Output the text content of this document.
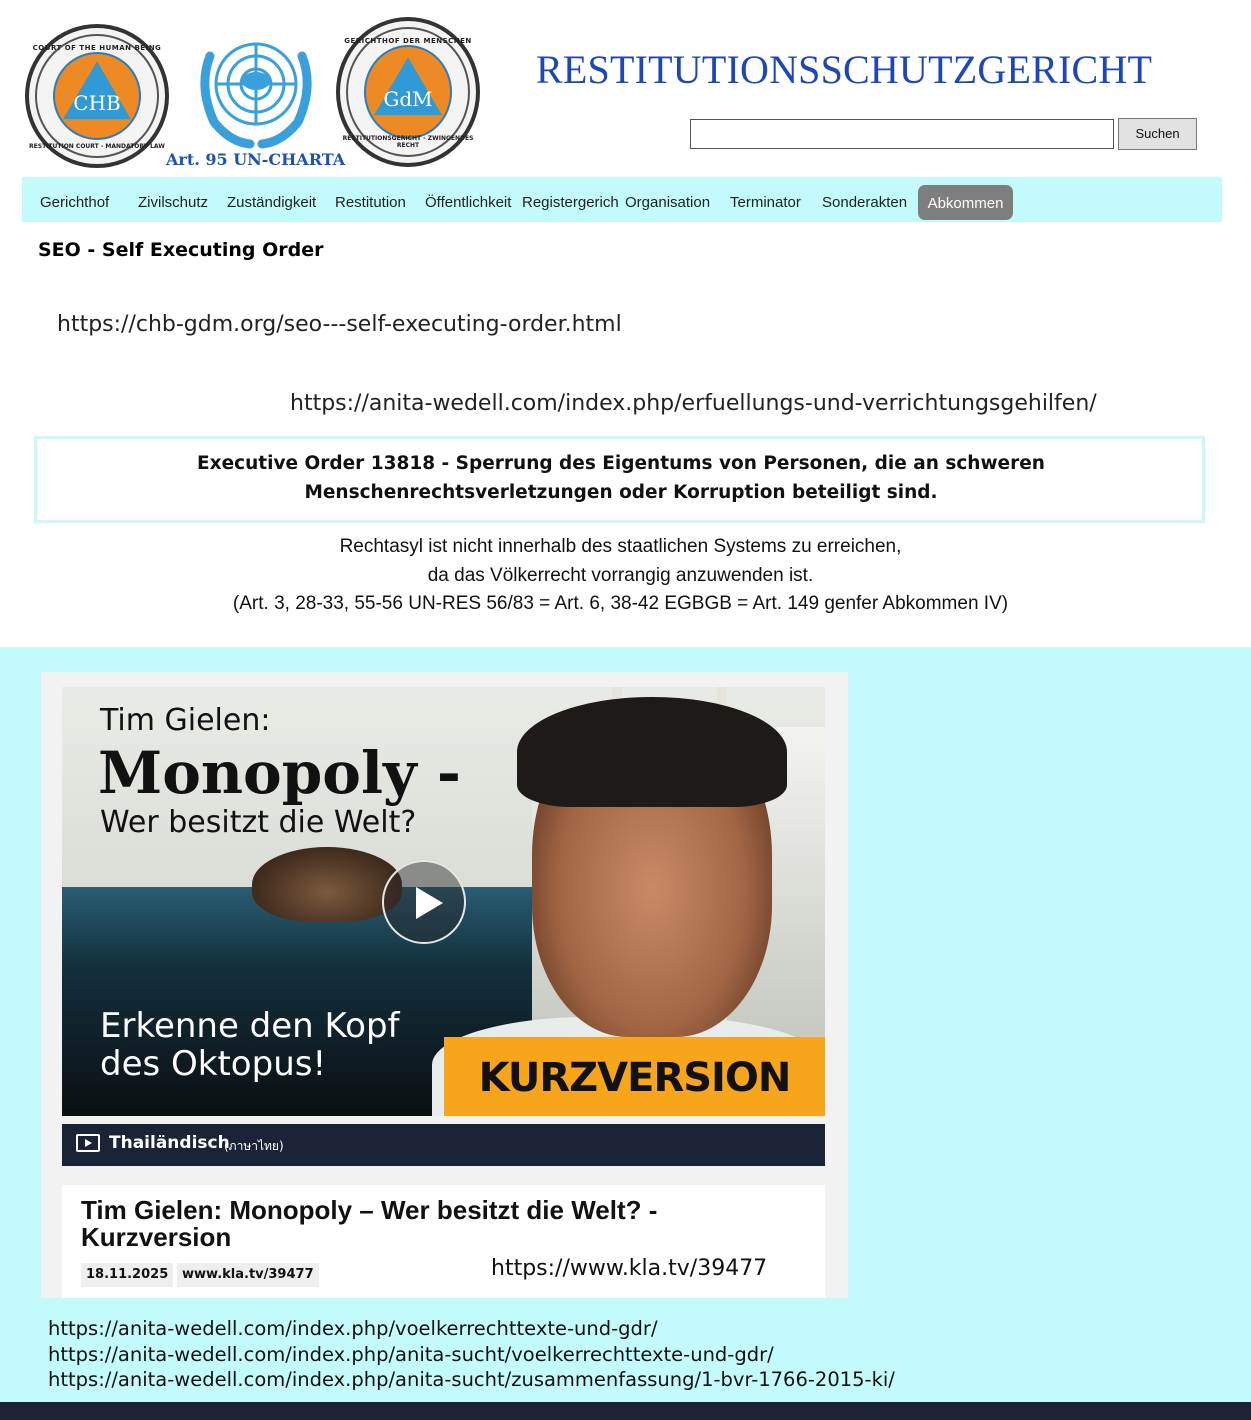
CHB
COURT OF THE HUMAN BEING
RESTITUTION COURT - MANDATORY LAW
Art. 95 UN-CHARTA
GdM
GERICHTHOF DER MENSCHEN
RESTITUTIONSGERICHT - ZWINGENDES RECHT
RESTITUTIONSSCHUTZGERICHT
Suchen
Gerichthof Zivilschutz Zuständigkeit Restitution Öffentlichkeit Registergerich Organisation Terminator Sonderakten	Abkommen
SEO - Self Executing Order
https://chb-gdm.org/seo---self-executing-order.html
https://anita-wedell.com/index.php/erfuellungs-und-verrichtungsgehilfen/
Executive Order 13818 - Sperrung des Eigentums von Personen, die an schweren Menschenrechtsverletzungen oder Korruption beteiligt sind.
Rechtasyl ist nicht innerhalb des staatlichen Systems zu erreichen,
da das Völkerrecht vorrangig anzuwenden ist.
(Art. 3, 28-33, 55-56 UN-RES 56/83 = Art. 6, 38-42 EGBGB = Art. 149 genfer Abkommen IV)
Tim Gielen:
Monopoly -
Wer besitzt die Welt?
Erkenne den Kopf
des Oktopus!	KURZVERSION
Thailändisch
(ภาษาไทย)
Tim Gielen: Monopoly – Wer besitzt die Welt? - Kurzversion
18.11.2025	www.kla.tv/39477	https://www.kla.tv/39477
https://anita-wedell.com/index.php/voelkerrechttexte-und-gdr/
https://anita-wedell.com/index.php/anita-sucht/voelkerrechttexte-und-gdr/
https://anita-wedell.com/index.php/anita-sucht/zusammenfassung/1-bvr-1766-2015-ki/
